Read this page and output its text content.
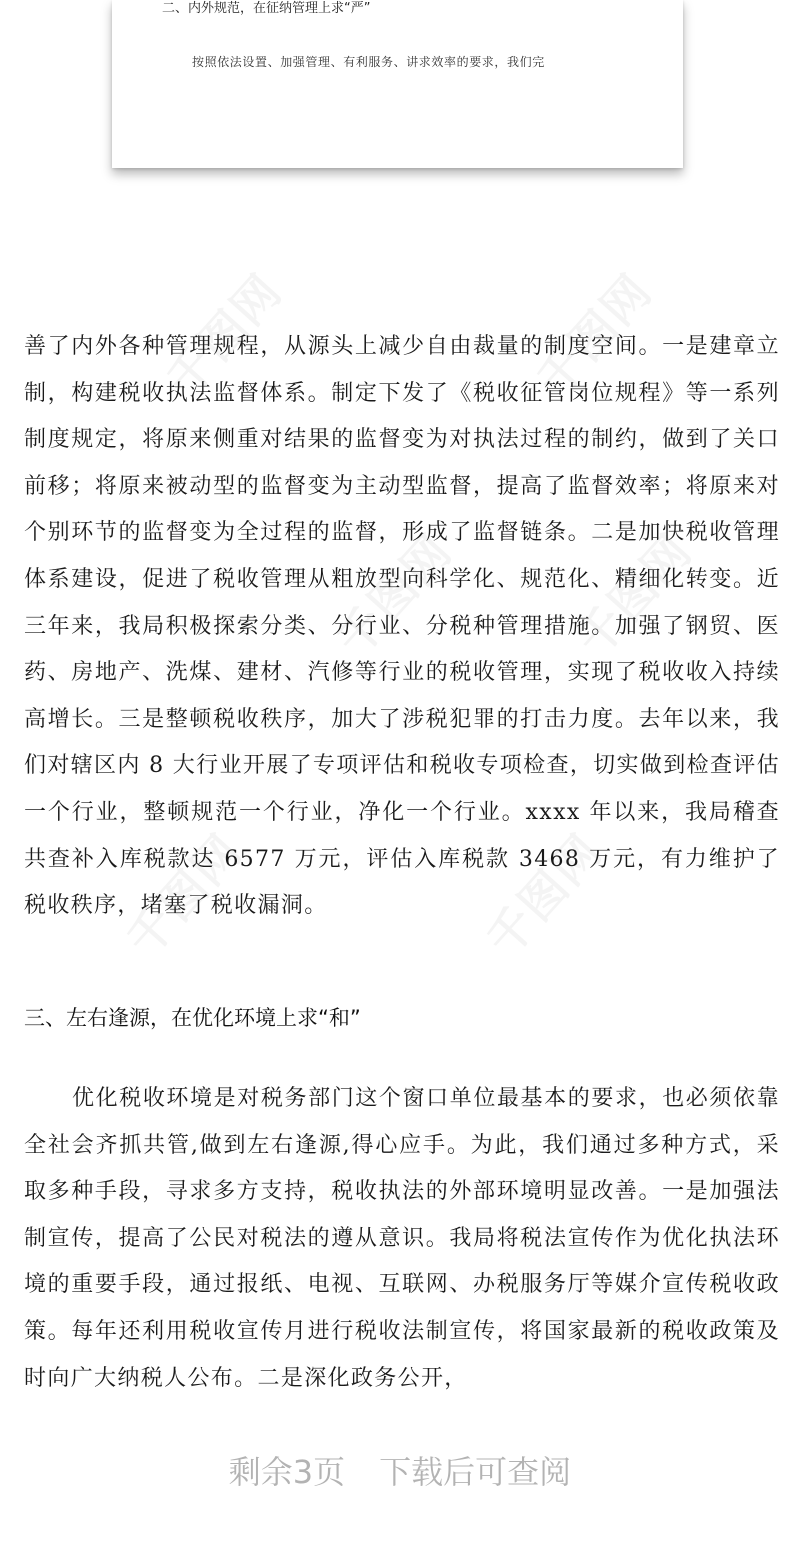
二、内外规范，在征纳管理上求“严”
按照依法设置、加强管理、有利服务、讲求效率的要求，我们完

善了内外各种管理规程，从源头上减少自由裁量的制度空间。一是建章立制，构建税收执法监督体系。制定下发了《税收征管岗位规程》等一系列制度规定，将原来侧重对结果的监督变为对执法过程的制约，做到了关口前移；将原来被动型的监督变为主动型监督，提高了监督效率；将原来对个别环节的监督变为全过程的监督，形成了监督链条。二是加快税收管理体系建设，促进了税收管理从粗放型向科学化、规范化、精细化转变。近三年来，我局积极探索分类、分行业、分税种管理措施。加强了钢贸、医药、房地产、洗煤、建材、汽修等行业的税收管理，实现了税收收入持续高增长。三是整顿税收秩序，加大了涉税犯罪的打击力度。去年以来，我们对辖区内 8 大行业开展了专项评估和税收专项检查，切实做到检查评估一个行业，整顿规范一个行业，净化一个行业。xxxx 年以来，我局稽查共查补入库税款达 6577 万元，评估入库税款 3468 万元，有力维护了税收秩序，堵塞了税收漏洞。

三、左右逢源，在优化环境上求“和”

优化税收环境是对税务部门这个窗口单位最基本的要求，也必须依靠全社会齐抓共管,做到左右逢源,得心应手。为此，我们通过多种方式，采取多种手段，寻求多方支持，税收执法的外部环境明显改善。一是加强法制宣传，提高了公民对税法的遵从意识。我局将税法宣传作为优化执法环境的重要手段，通过报纸、电视、互联网、办税服务厅等媒介宣传税收政策。每年还利用税收宣传月进行税收法制宣传，将国家最新的税收政策及时向广大纳税人公布。二是深化政务公开，

剩余3页 下载后可查阅
